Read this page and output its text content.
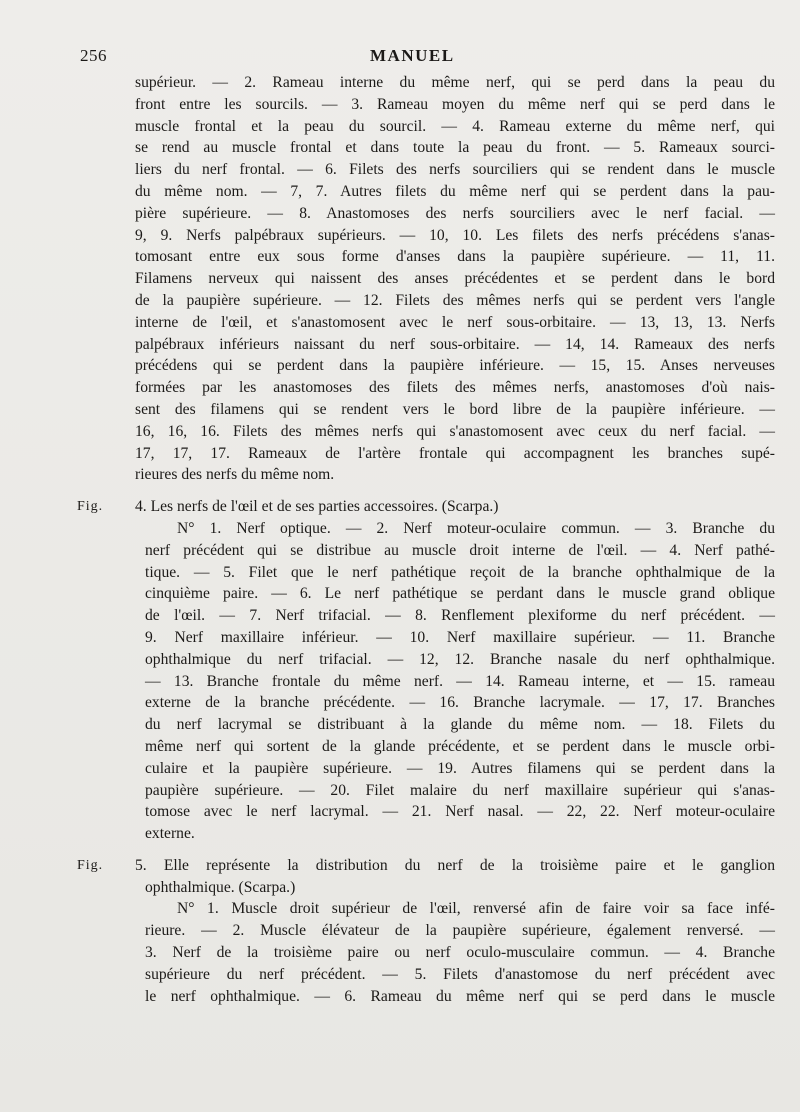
256	MANUEL
supérieur. — 2. Rameau interne du même nerf, qui se perd dans la peau du
front entre les sourcils. — 3. Rameau moyen du même nerf qui se perd dans le
muscle frontal et la peau du sourcil. — 4. Rameau externe du même nerf, qui
se rend au muscle frontal et dans toute la peau du front. — 5. Rameaux sourci-
liers du nerf frontal. — 6. Filets des nerfs sourciliers qui se rendent dans le muscle
du même nom. — 7, 7. Autres filets du même nerf qui se perdent dans la pau-
pière supérieure. — 8. Anastomoses des nerfs sourciliers avec le nerf facial. —
9, 9. Nerfs palpébraux supérieurs. — 10, 10. Les filets des nerfs précédens s'anas-
tomosant entre eux sous forme d'anses dans la paupière supérieure. — 11, 11.
Filamens nerveux qui naissent des anses précédentes et se perdent dans le bord
de la paupière supérieure. — 12. Filets des mêmes nerfs qui se perdent vers l'angle
interne de l'œil, et s'anastomosent avec le nerf sous-orbitaire. — 13, 13, 13. Nerfs
palpébraux inférieurs naissant du nerf sous-orbitaire. — 14, 14. Rameaux des nerfs
précédens qui se perdent dans la paupière inférieure. — 15, 15. Anses nerveuses
formées par les anastomoses des filets des mêmes nerfs, anastomoses d'où nais-
sent des filamens qui se rendent vers le bord libre de la paupière inférieure. —
16, 16, 16. Filets des mêmes nerfs qui s'anastomosent avec ceux du nerf facial. —
17, 17, 17. Rameaux de l'artère frontale qui accompagnent les branches supé-
rieures des nerfs du même nom.
Fig. 4. Les nerfs de l'œil et de ses parties accessoires. (Scarpa.)
N° 1. Nerf optique. — 2. Nerf moteur-oculaire commun. — 3. Branche du
nerf précédent qui se distribue au muscle droit interne de l'œil. — 4. Nerf pathé-
tique. — 5. Filet que le nerf pathétique reçoit de la branche ophthalmique de la
cinquième paire. — 6. Le nerf pathétique se perdant dans le muscle grand oblique
de l'œil. — 7. Nerf trifacial. — 8. Renflement plexiforme du nerf précédent. —
9. Nerf maxillaire inférieur. — 10. Nerf maxillaire supérieur. — 11. Branche
ophthalmique du nerf trifacial. — 12, 12. Branche nasale du nerf ophthalmique.
— 13. Branche frontale du même nerf. — 14. Rameau interne, et — 15. rameau
externe de la branche précédente. — 16. Branche lacrymale. — 17, 17. Branches
du nerf lacrymal se distribuant à la glande du même nom. — 18. Filets du
même nerf qui sortent de la glande précédente, et se perdent dans le muscle orbi-
culaire et la paupière supérieure. — 19. Autres filamens qui se perdent dans la
paupière supérieure. — 20. Filet malaire du nerf maxillaire supérieur qui s'anas-
tomose avec le nerf lacrymal. — 21. Nerf nasal. — 22, 22. Nerf moteur-oculaire
externe.
Fig. 5. Elle représente la distribution du nerf de la troisième paire et le ganglion
ophthalmique. (Scarpa.)
N° 1. Muscle droit supérieur de l'œil, renversé afin de faire voir sa face infé-
rieure. — 2. Muscle élévateur de la paupière supérieure, également renversé. —
3. Nerf de la troisième paire ou nerf oculo-musculaire commun. — 4. Branche
supérieure du nerf précédent. — 5. Filets d'anastomose du nerf précédent avec
le nerf ophthalmique. — 6. Rameau du même nerf qui se perd dans le muscle
